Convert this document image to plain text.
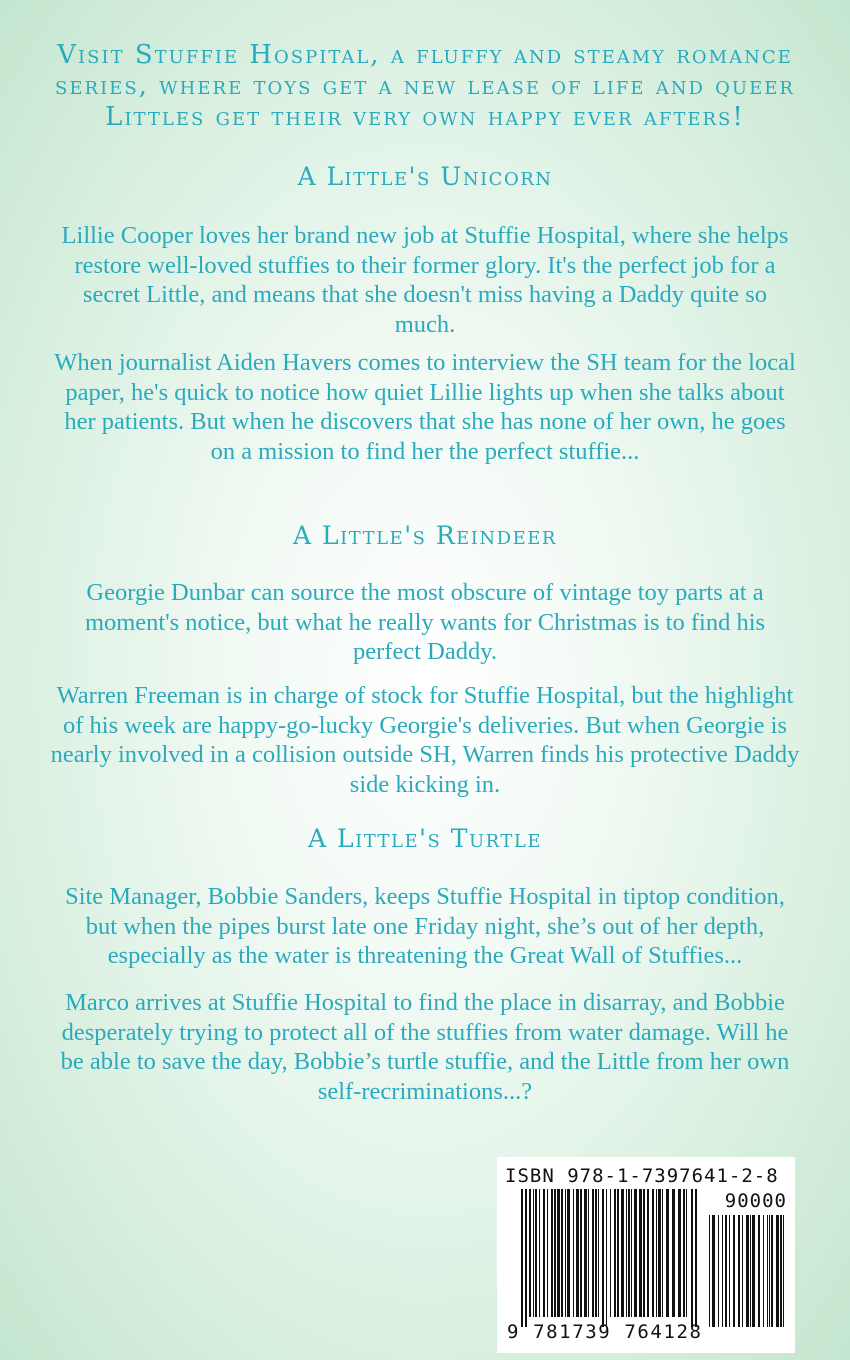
Visit Stuffie Hospital, a fluffy and steamy romance series, where toys get a new lease of life and queer Littles get their very own happy ever afters!
A Little's Unicorn
Lillie Cooper loves her brand new job at Stuffie Hospital, where she helps restore well-loved stuffies to their former glory. It's the perfect job for a secret Little, and means that she doesn't miss having a Daddy quite so much.
When journalist Aiden Havers comes to interview the SH team for the local paper, he's quick to notice how quiet Lillie lights up when she talks about her patients. But when he discovers that she has none of her own, he goes on a mission to find her the perfect stuffie...
A Little's Reindeer
Georgie Dunbar can source the most obscure of vintage toy parts at a moment's notice, but what he really wants for Christmas is to find his perfect Daddy.
Warren Freeman is in charge of stock for Stuffie Hospital, but the highlight of his week are happy-go-lucky Georgie's deliveries. But when Georgie is nearly involved in a collision outside SH, Warren finds his protective Daddy side kicking in.
A Little's Turtle
Site Manager, Bobbie Sanders, keeps Stuffie Hospital in tiptop condition, but when the pipes burst late one Friday night, she’s out of her depth, especially as the water is threatening the Great Wall of Stuffies...
Marco arrives at Stuffie Hospital to find the place in disarray, and Bobbie desperately trying to protect all of the stuffies from water damage. Will he be able to save the day, Bobbie’s turtle stuffie, and the Little from her own self-recriminations...?
ISBN 978-1-7397641-2-8
90000
9 781739 764128
